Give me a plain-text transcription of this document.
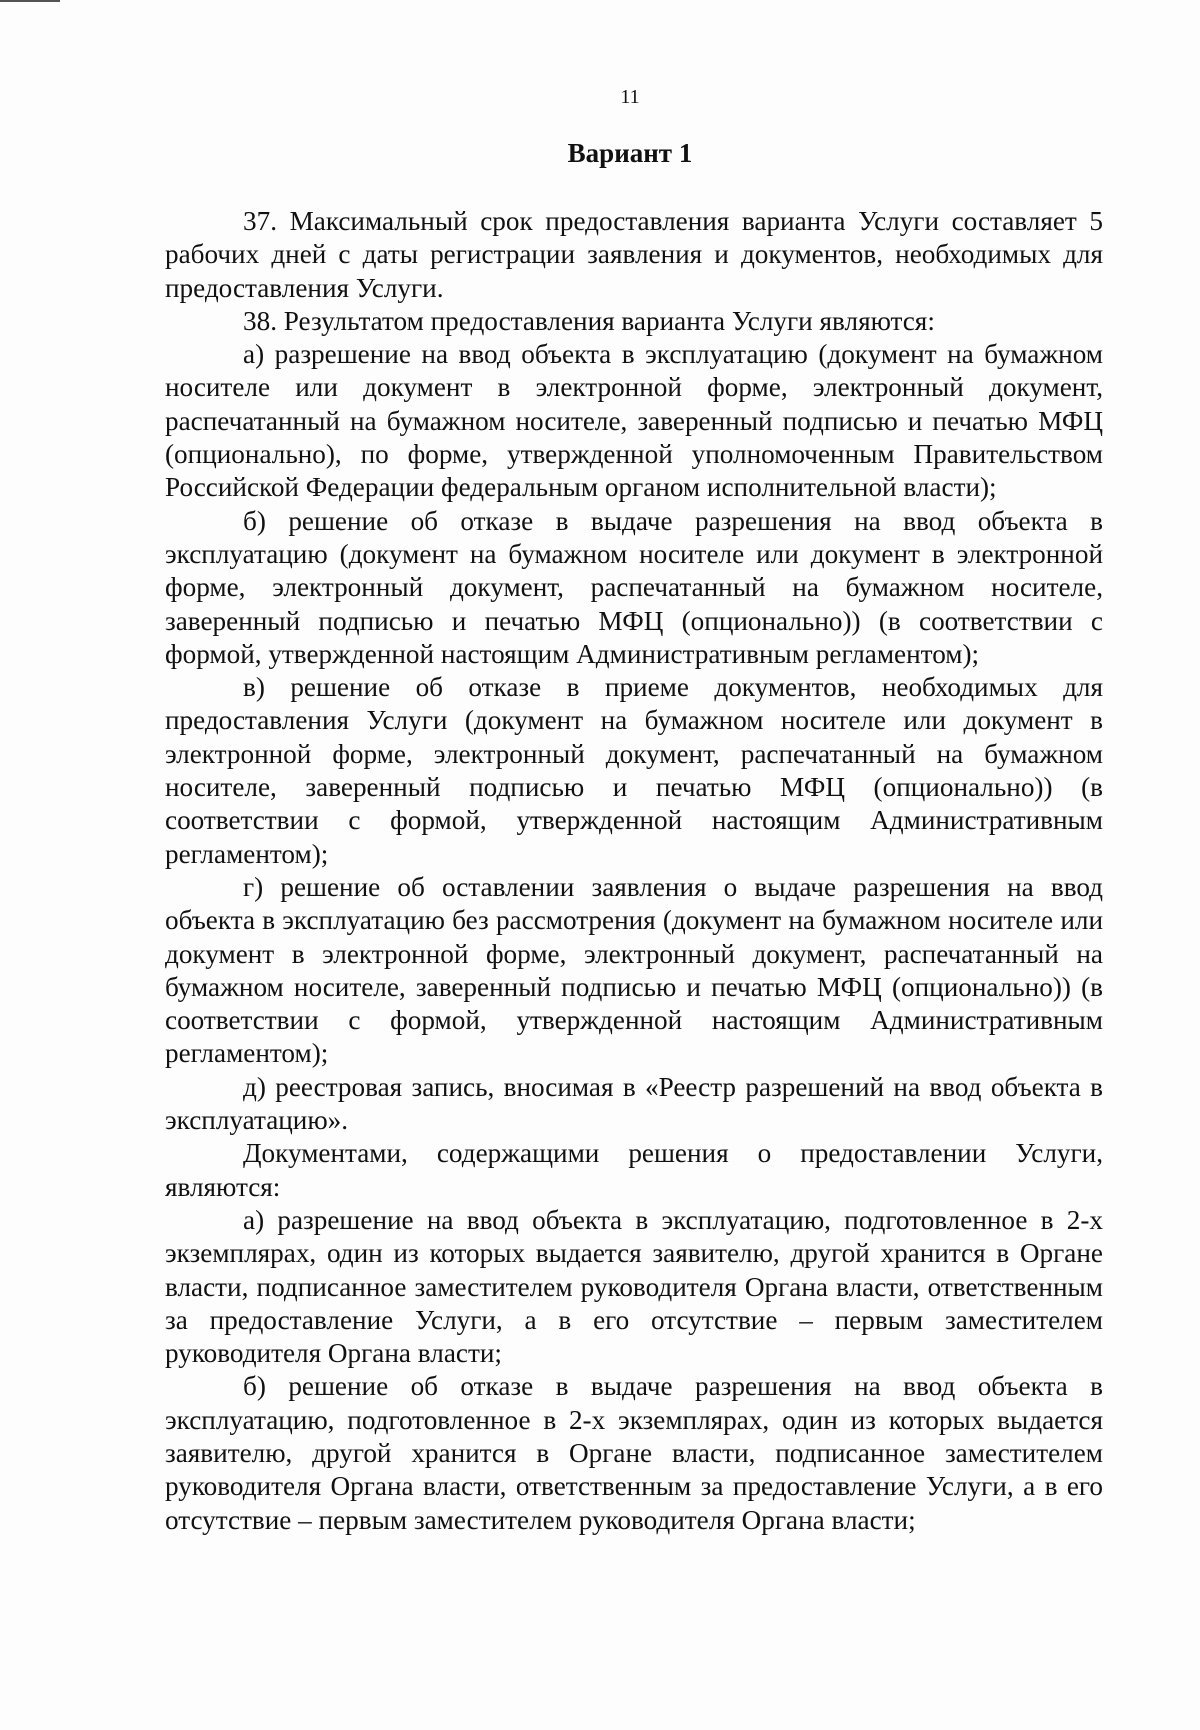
11
Вариант 1

37. Максимальный срок предоставления варианта Услуги составляет 5 рабочих дней с даты регистрации заявления и документов, необходимых для предоставления Услуги.

38. Результатом предоставления варианта Услуги являются:

а) разрешение на ввод объекта в эксплуатацию (документ на бумажном носителе или документ в электронной форме, электронный документ, распечатанный на бумажном носителе, заверенный подписью и печатью МФЦ (опционально), по форме, утвержденной уполномоченным Правительством Российской Федерации федеральным органом исполнительной власти);

б) решение об отказе в выдаче разрешения на ввод объекта в эксплуатацию (документ на бумажном носителе или документ в электронной форме, электронный документ, распечатанный на бумажном носителе, заверенный подписью и печатью МФЦ (опционально)) (в соответствии с формой, утвержденной настоящим Административным регламентом);

в) решение об отказе в приеме документов, необходимых для предоставления Услуги (документ на бумажном носителе или документ в электронной форме, электронный документ, распечатанный на бумажном носителе, заверенный подписью и печатью МФЦ (опционально)) (в соответствии с формой, утвержденной настоящим Административным регламентом);

г) решение об оставлении заявления о выдаче разрешения на ввод объекта в эксплуатацию без рассмотрения (документ на бумажном носителе или документ в электронной форме, электронный документ, распечатанный на бумажном носителе, заверенный подписью и печатью МФЦ (опционально)) (в соответствии с формой, утвержденной настоящим Административным регламентом);

д) реестровая запись, вносимая в «Реестр разрешений на ввод объекта в эксплуатацию».

Документами, содержащими решения о предоставлении Услуги, являются:

а) разрешение на ввод объекта в эксплуатацию, подготовленное в 2-х экземплярах, один из которых выдается заявителю, другой хранится в Органе власти, подписанное заместителем руководителя Органа власти, ответственным за предоставление Услуги, а в его отсутствие – первым заместителем руководителя Органа власти;

б) решение об отказе в выдаче разрешения на ввод объекта в эксплуатацию, подготовленное в 2-х экземплярах, один из которых выдается заявителю, другой хранится в Органе власти, подписанное заместителем руководителя Органа власти, ответственным за предоставление Услуги, а в его отсутствие – первым заместителем руководителя Органа власти;
